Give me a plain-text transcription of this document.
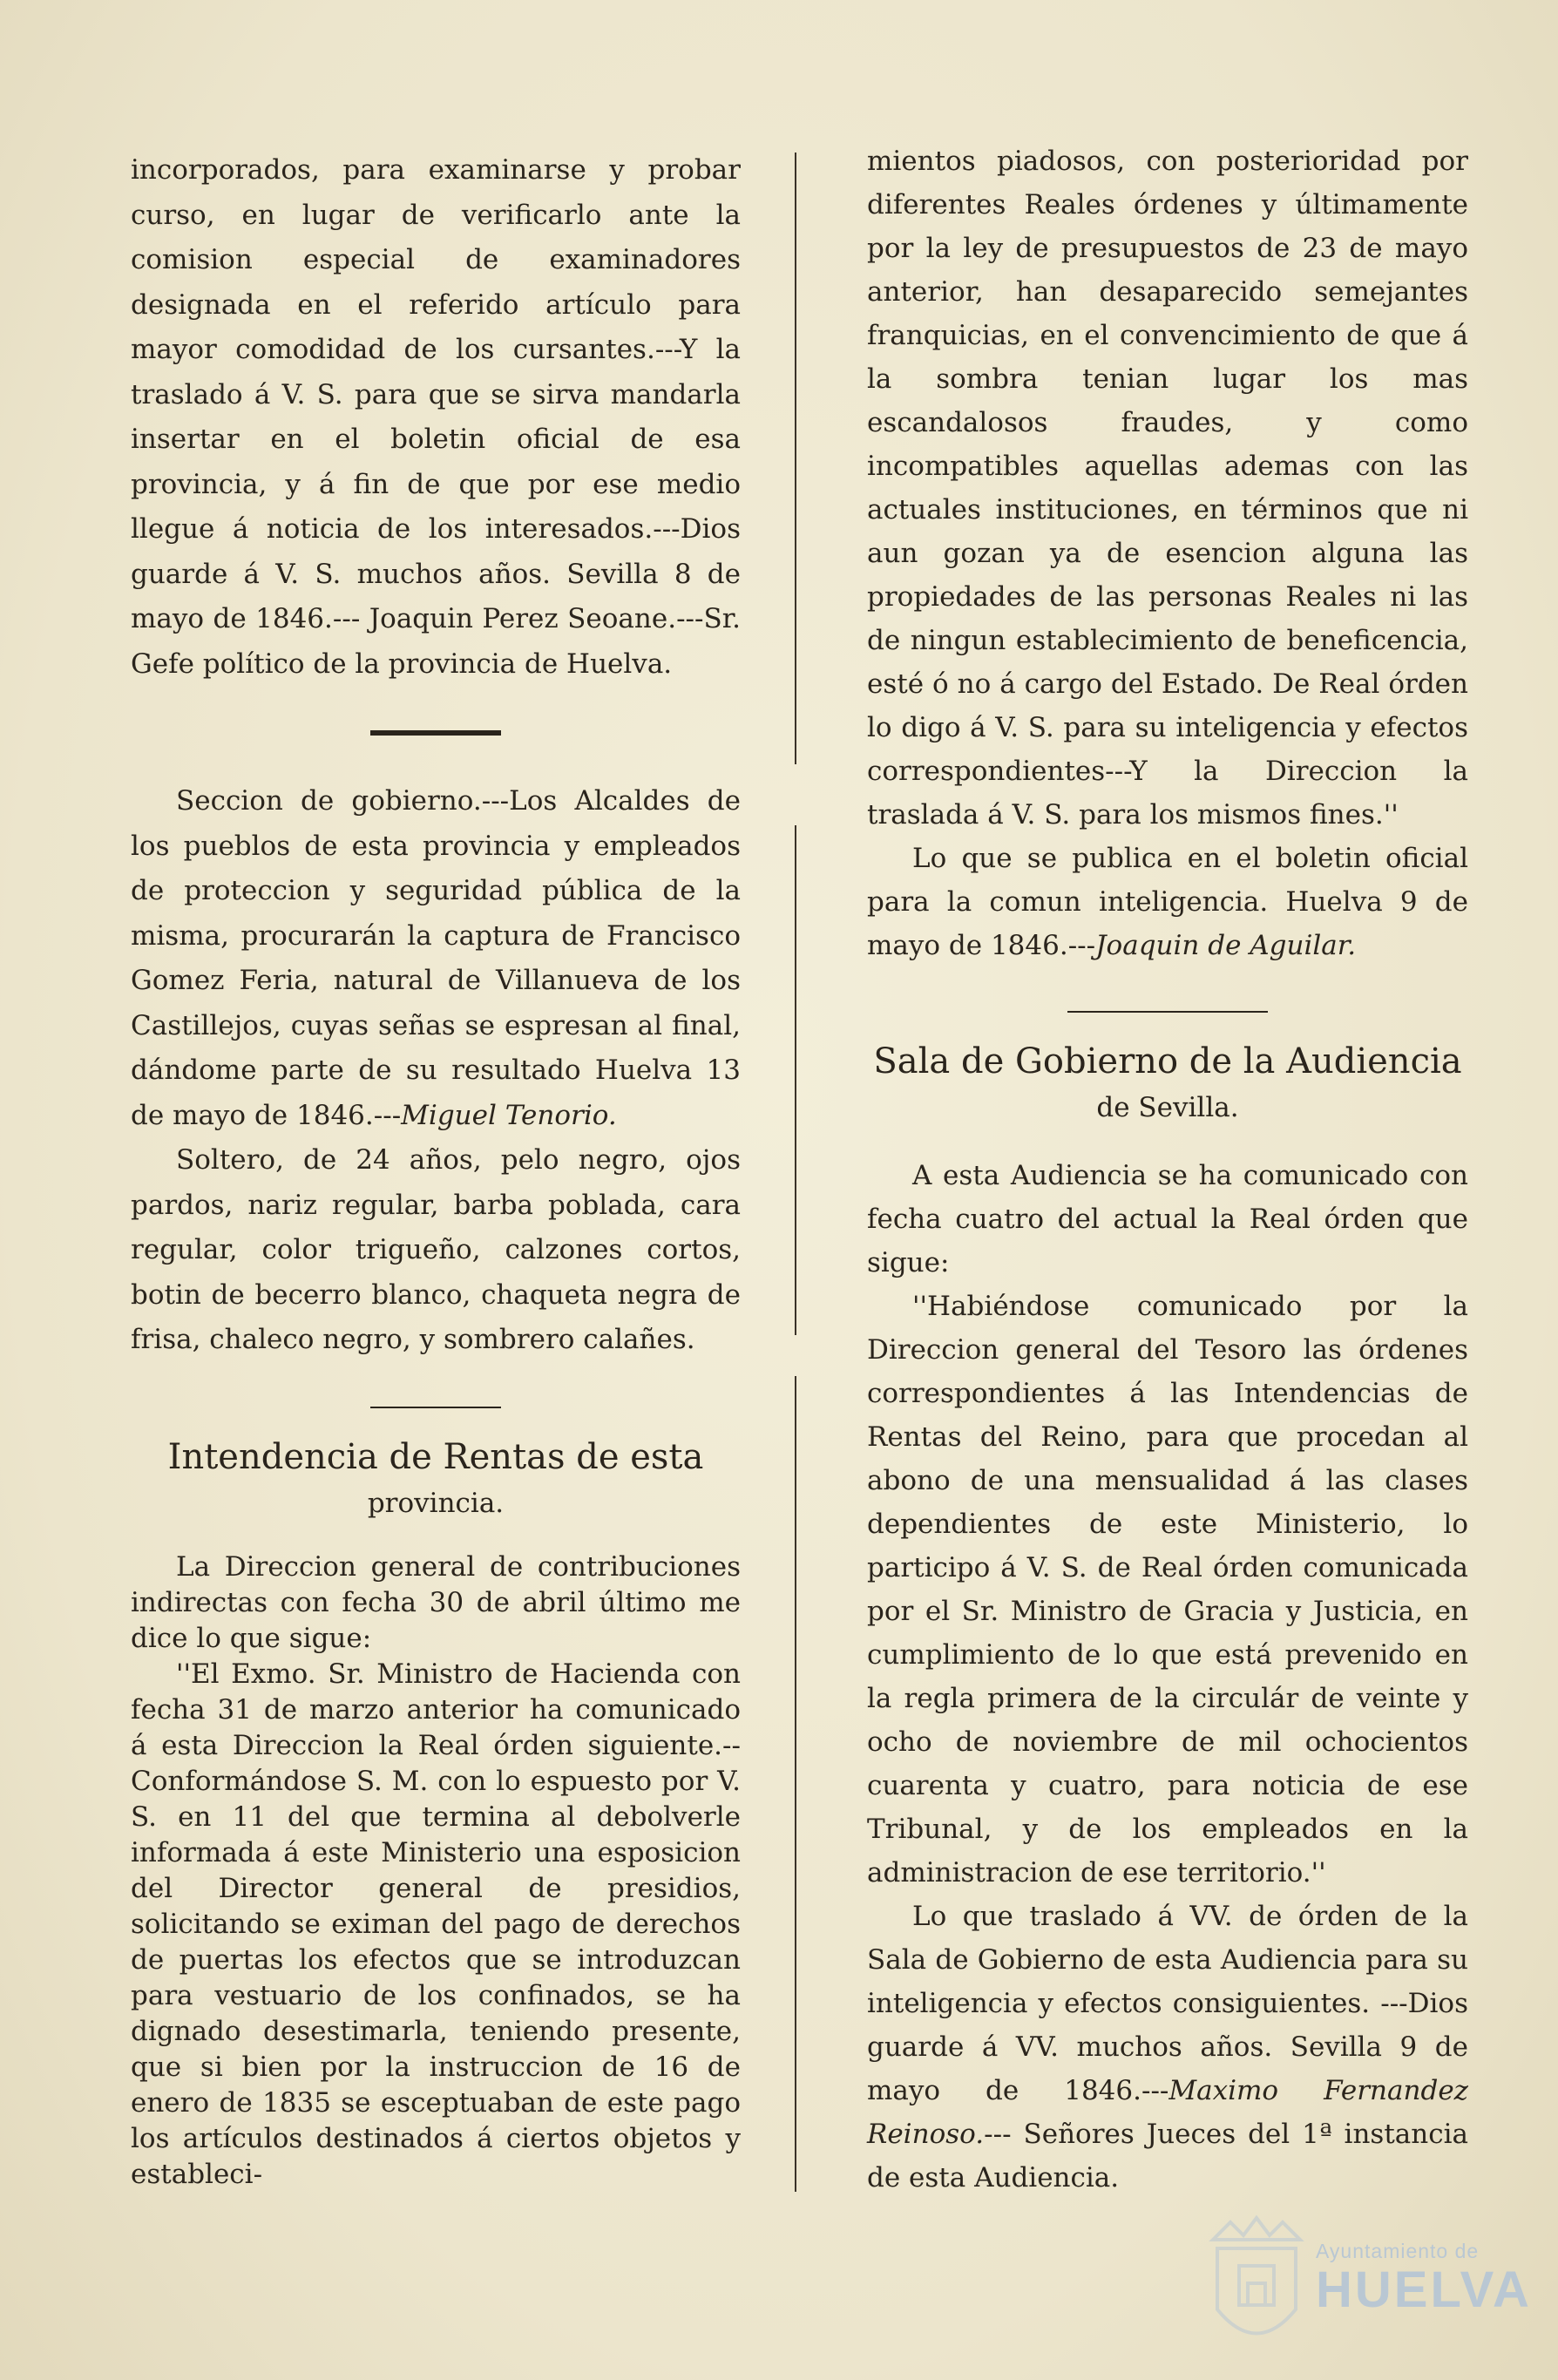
incorporados, para examinarse y probar curso, en lugar de verificarlo ante la comision especial de examinadores designada en el referido artículo para mayor comodidad de los cursantes.---Y la traslado á V. S. para que se sirva mandarla insertar en el boletin oficial de esa provincia, y á fin de que por ese medio llegue á noticia de los interesados.---Dios guarde á V. S. muchos años. Sevilla 8 de mayo de 1846.--- Joaquin Perez Seoane.---Sr. Gefe político de la provincia de Huelva.

Seccion de gobierno.---Los Alcaldes de los pueblos de esta provincia y empleados de proteccion y seguridad pública de la misma, procurarán la captura de Francisco Gomez Feria, natural de Villanueva de los Castillejos, cuyas señas se espresan al final, dándome parte de su resultado Huelva 13 de mayo de 1846.---Miguel Tenorio.

Soltero, de 24 años, pelo negro, ojos pardos, nariz regular, barba poblada, cara regular, color trigueño, calzones cortos, botin de becerro blanco, chaqueta negra de frisa, chaleco negro, y sombrero calañes.

Intendencia de Rentas de esta
provincia.

La Direccion general de contribuciones indirectas con fecha 30 de abril último me dice lo que sigue:

''El Exmo. Sr. Ministro de Hacienda con fecha 31 de marzo anterior ha comunicado á esta Direccion la Real órden siguiente.--Conformándose S. M. con lo espuesto por V. S. en 11 del que termina al debolverle informada á este Ministerio una esposicion del Director general de presidios, solicitando se eximan del pago de derechos de puertas los efectos que se introduzcan para vestuario de los confinados, se ha dignado desestimarla, teniendo presente, que si bien por la instruccion de 16 de enero de 1835 se esceptuaban de este pago los artículos destinados á ciertos objetos y estableci-

mientos piadosos, con posterioridad por diferentes Reales órdenes y últimamente por la ley de presupuestos de 23 de mayo anterior, han desaparecido semejantes franquicias, en el convencimiento de que á la sombra tenian lugar los mas escandalosos fraudes, y como incompatibles aquellas ademas con las actuales instituciones, en términos que ni aun gozan ya de esencion alguna las propiedades de las personas Reales ni las de ningun establecimiento de beneficencia, esté ó no á cargo del Estado. De Real órden lo digo á V. S. para su inteligencia y efectos correspondientes---Y la Direccion la traslada á V. S. para los mismos fines.''

Lo que se publica en el boletin oficial para la comun inteligencia. Huelva 9 de mayo de 1846.---Joaquin de Aguilar.

Sala de Gobierno de la Audiencia
de Sevilla.

A esta Audiencia se ha comunicado con fecha cuatro del actual la Real órden que sigue:

''Habiéndose comunicado por la Direccion general del Tesoro las órdenes correspondientes á las Intendencias de Rentas del Reino, para que procedan al abono de una mensualidad á las clases dependientes de este Ministerio, lo participo á V. S. de Real órden comunicada por el Sr. Ministro de Gracia y Justicia, en cumplimiento de lo que está prevenido en la regla primera de la circulár de veinte y ocho de noviembre de mil ochocientos cuarenta y cuatro, para noticia de ese Tribunal, y de los empleados en la administracion de ese territorio.''

Lo que traslado á VV. de órden de la Sala de Gobierno de esta Audiencia para su inteligencia y efectos consiguientes. ---Dios guarde á VV. muchos años. Sevilla 9 de mayo de 1846.---Maximo Fernandez Reinoso.--- Señores Jueces del 1ª instancia de esta Audiencia.

Ayuntamiento de
HUELVA
